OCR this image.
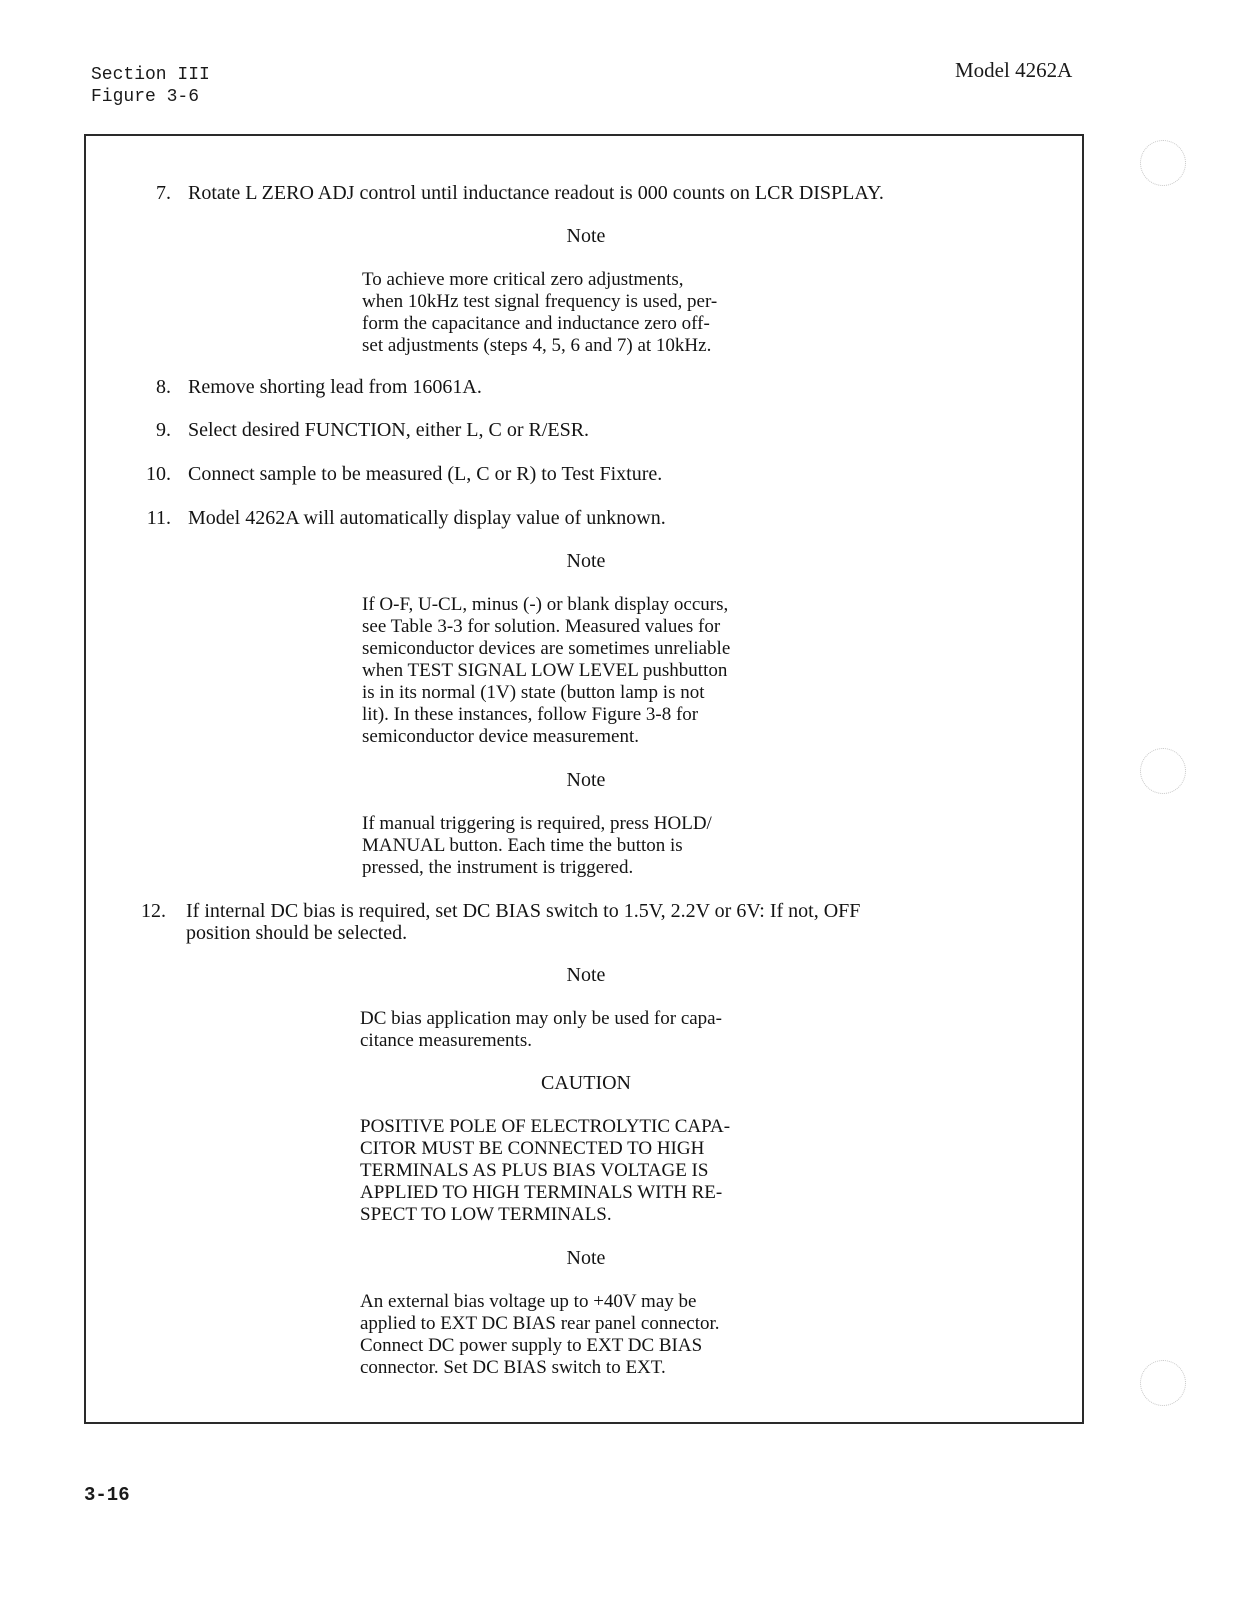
Section III
Figure 3-6
Model 4262A
7. Rotate L ZERO ADJ control until inductance readout is 000 counts on LCR DISPLAY.
Note
To achieve more critical zero adjustments,
when 10kHz test signal frequency is used, per-
form the capacitance and inductance zero off-
set adjustments (steps 4, 5, 6 and 7) at 10kHz.
8. Remove shorting lead from 16061A.
9. Select desired FUNCTION, either L, C or R/ESR.
10. Connect sample to be measured (L, C or R) to Test Fixture.
11. Model 4262A will automatically display value of unknown.
Note
If O-F, U-CL, minus (-) or blank display occurs,
see Table 3-3 for solution. Measured values for
semiconductor devices are sometimes unreliable
when TEST SIGNAL LOW LEVEL pushbutton
is in its normal (1V) state (button lamp is not
lit). In these instances, follow Figure 3-8 for
semiconductor device measurement.
Note
If manual triggering is required, press HOLD/
MANUAL button. Each time the button is
pressed, the instrument is triggered.
12. If internal DC bias is required, set DC BIAS switch to 1.5V, 2.2V or 6V: If not, OFF
position should be selected.
Note
DC bias application may only be used for capa-
citance measurements.
CAUTION
POSITIVE POLE OF ELECTROLYTIC CAPA-
CITOR MUST BE CONNECTED TO HIGH
TERMINALS AS PLUS BIAS VOLTAGE IS
APPLIED TO HIGH TERMINALS WITH RE-
SPECT TO LOW TERMINALS.
Note
An external bias voltage up to +40V may be
applied to EXT DC BIAS rear panel connector.
Connect DC power supply to EXT DC BIAS
connector. Set DC BIAS switch to EXT.
3-16
